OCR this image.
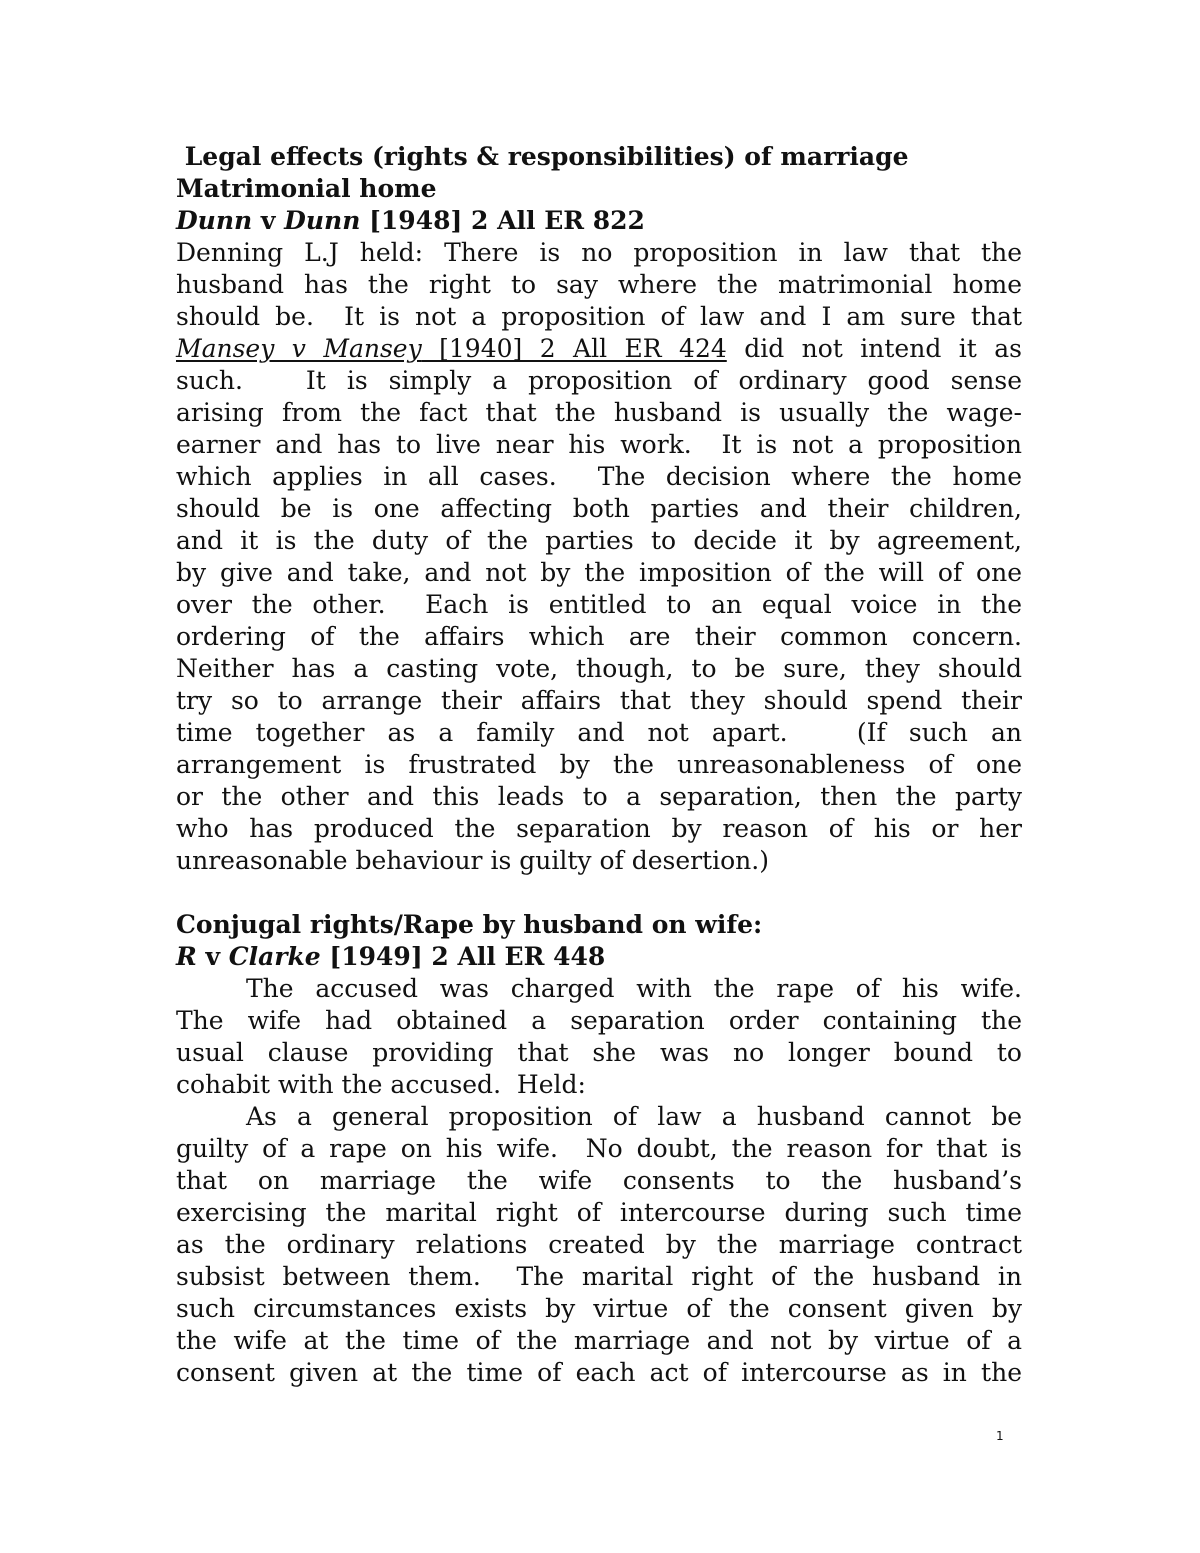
Legal effects (rights & responsibilities) of marriage
Matrimonial home
Dunn v Dunn [1948] 2 All ER 822
Denning L.J held: There is no proposition in law that the
husband has the right to say where the matrimonial home
should be.  It is not a proposition of law and I am sure that
Mansey v Mansey [1940] 2 All ER 424 did not intend it as
such.   It is simply a proposition of ordinary good sense
arising from the fact that the husband is usually the wage-
earner and has to live near his work.  It is not a proposition
which applies in all cases.  The decision where the home
should be is one affecting both parties and their children,
and it is the duty of the parties to decide it by agreement,
by give and take, and not by the imposition of the will of one
over the other.  Each is entitled to an equal voice in the
ordering of the affairs which are their common concern.
Neither has a casting vote, though, to be sure, they should
try so to arrange their affairs that they should spend their
time together as a family and not apart.   (If such an
arrangement is frustrated by the unreasonableness of one
or the other and this leads to a separation, then the party
who has produced the separation by reason of his or her
unreasonable behaviour is guilty of desertion.)
Conjugal rights/Rape by husband on wife:
R v Clarke [1949] 2 All ER 448
The accused was charged with the rape of his wife.
The wife had obtained a separation order containing the
usual clause providing that she was no longer bound to
cohabit with the accused.  Held:
As a general proposition of law a husband cannot be
guilty of a rape on his wife.  No doubt, the reason for that is
that on marriage the wife consents to the husband’s
exercising the marital right of intercourse during such time
as the ordinary relations created by the marriage contract
subsist between them.  The marital right of the husband in
such circumstances exists by virtue of the consent given by
the wife at the time of the marriage and not by virtue of a
consent given at the time of each act of intercourse as in the
1
